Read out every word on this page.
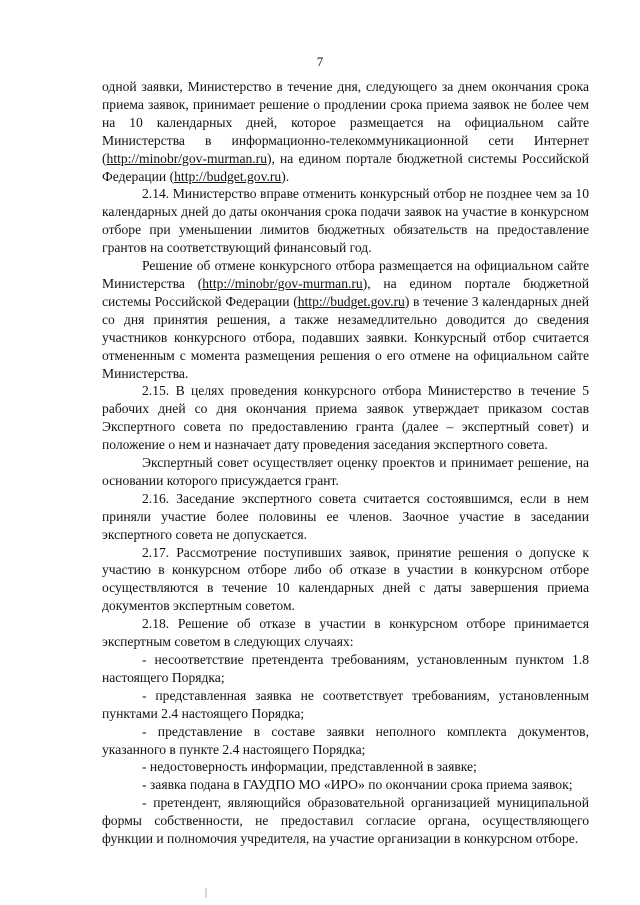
7

одной заявки, Министерство в течение дня, следующего за днем окончания срока приема заявок, принимает решение о продлении срока приема заявок не более чем на 10 календарных дней, которое размещается на официальном сайте Министерства в информационно-телекоммуникационной сети Интернет (http://minobr/gov-murman.ru), на едином портале бюджетной системы Российской Федерации (http://budget.gov.ru).

2.14. Министерство вправе отменить конкурсный отбор не позднее чем за 10 календарных дней до даты окончания срока подачи заявок на участие в конкурсном отборе при уменьшении лимитов бюджетных обязательств на предоставление грантов на соответствующий финансовый год.

Решение об отмене конкурсного отбора размещается на официальном сайте Министерства (http://minobr/gov-murman.ru), на едином портале бюджетной системы Российской Федерации (http://budget.gov.ru) в течение 3 календарных дней со дня принятия решения, а также незамедлительно доводится до сведения участников конкурсного отбора, подавших заявки. Конкурсный отбор считается отмененным с момента размещения решения о его отмене на официальном сайте Министерства.

2.15. В целях проведения конкурсного отбора Министерство в течение 5 рабочих дней со дня окончания приема заявок утверждает приказом состав Экспертного совета по предоставлению гранта (далее – экспертный совет) и положение о нем и назначает дату проведения заседания экспертного совета.

Экспертный совет осуществляет оценку проектов и принимает решение, на основании которого присуждается грант.

2.16. Заседание экспертного совета считается состоявшимся, если в нем приняли участие более половины ее членов. Заочное участие в заседании экспертного совета не допускается.

2.17. Рассмотрение поступивших заявок, принятие решения о допуске к участию в конкурсном отборе либо об отказе в участии в конкурсном отборе осуществляются в течение 10 календарных дней с даты завершения приема документов экспертным советом.

2.18. Решение об отказе в участии в конкурсном отборе принимается экспертным советом в следующих случаях:

- несоответствие претендента требованиям, установленным пунктом 1.8 настоящего Порядка;

- представленная заявка не соответствует требованиям, установленным пунктами 2.4 настоящего Порядка;

- представление в составе заявки неполного комплекта документов, указанного в пункте 2.4 настоящего Порядка;

- недостоверность информации, представленной в заявке;

- заявка подана в ГАУДПО МО «ИРО» по окончании срока приема заявок;

- претендент, являющийся образовательной организацией муниципальной формы собственности, не предоставил согласие органа, осуществляющего функции и полномочия учредителя, на участие организации в конкурсном отборе.
